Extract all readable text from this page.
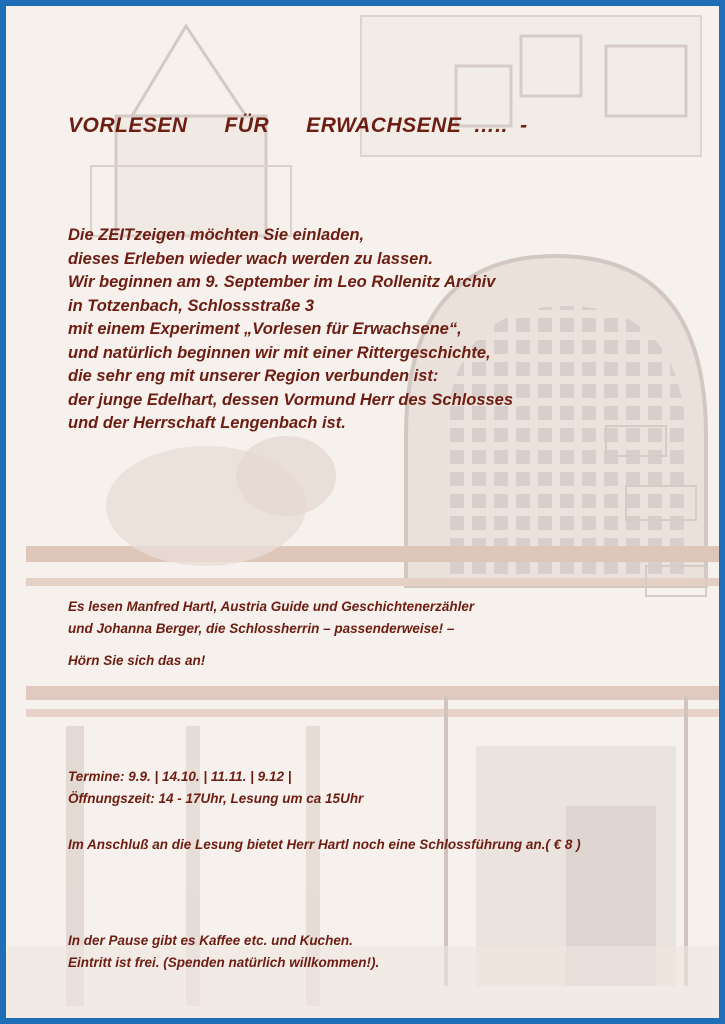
VORLESEN   FÜR   ERWACHSENE ….. -
Die ZEITzeigen möchten Sie einladen,
dieses Erleben wieder wach werden zu lassen.
Wir beginnen am 9. September im Leo Rollenitz Archiv
in Totzenbach, Schlossstraße 3
mit einem Experiment „Vorlesen für Erwachsene“,
und natürlich beginnen wir mit einer Rittergeschichte,
die sehr eng mit unserer Region verbunden ist:
der junge Edelhart, dessen Vormund Herr des Schlosses
und der Herrschaft Lengenbach ist.
Es lesen Manfred Hartl, Austria Guide und Geschichtenerzähler
und Johanna Berger, die Schlossherrin – passenderweise! –
Hörn Sie sich das an!
Termine: 9.9. | 14.10. | 11.11. | 9.12 |
Öffnungszeit: 14 - 17Uhr, Lesung um ca 15Uhr
Im Anschluß an die Lesung bietet Herr Hartl noch eine Schlossführung an.( € 8 )
In der Pause gibt es Kaffee etc. und Kuchen.
Eintritt ist frei. (Spenden natürlich willkommen!).
